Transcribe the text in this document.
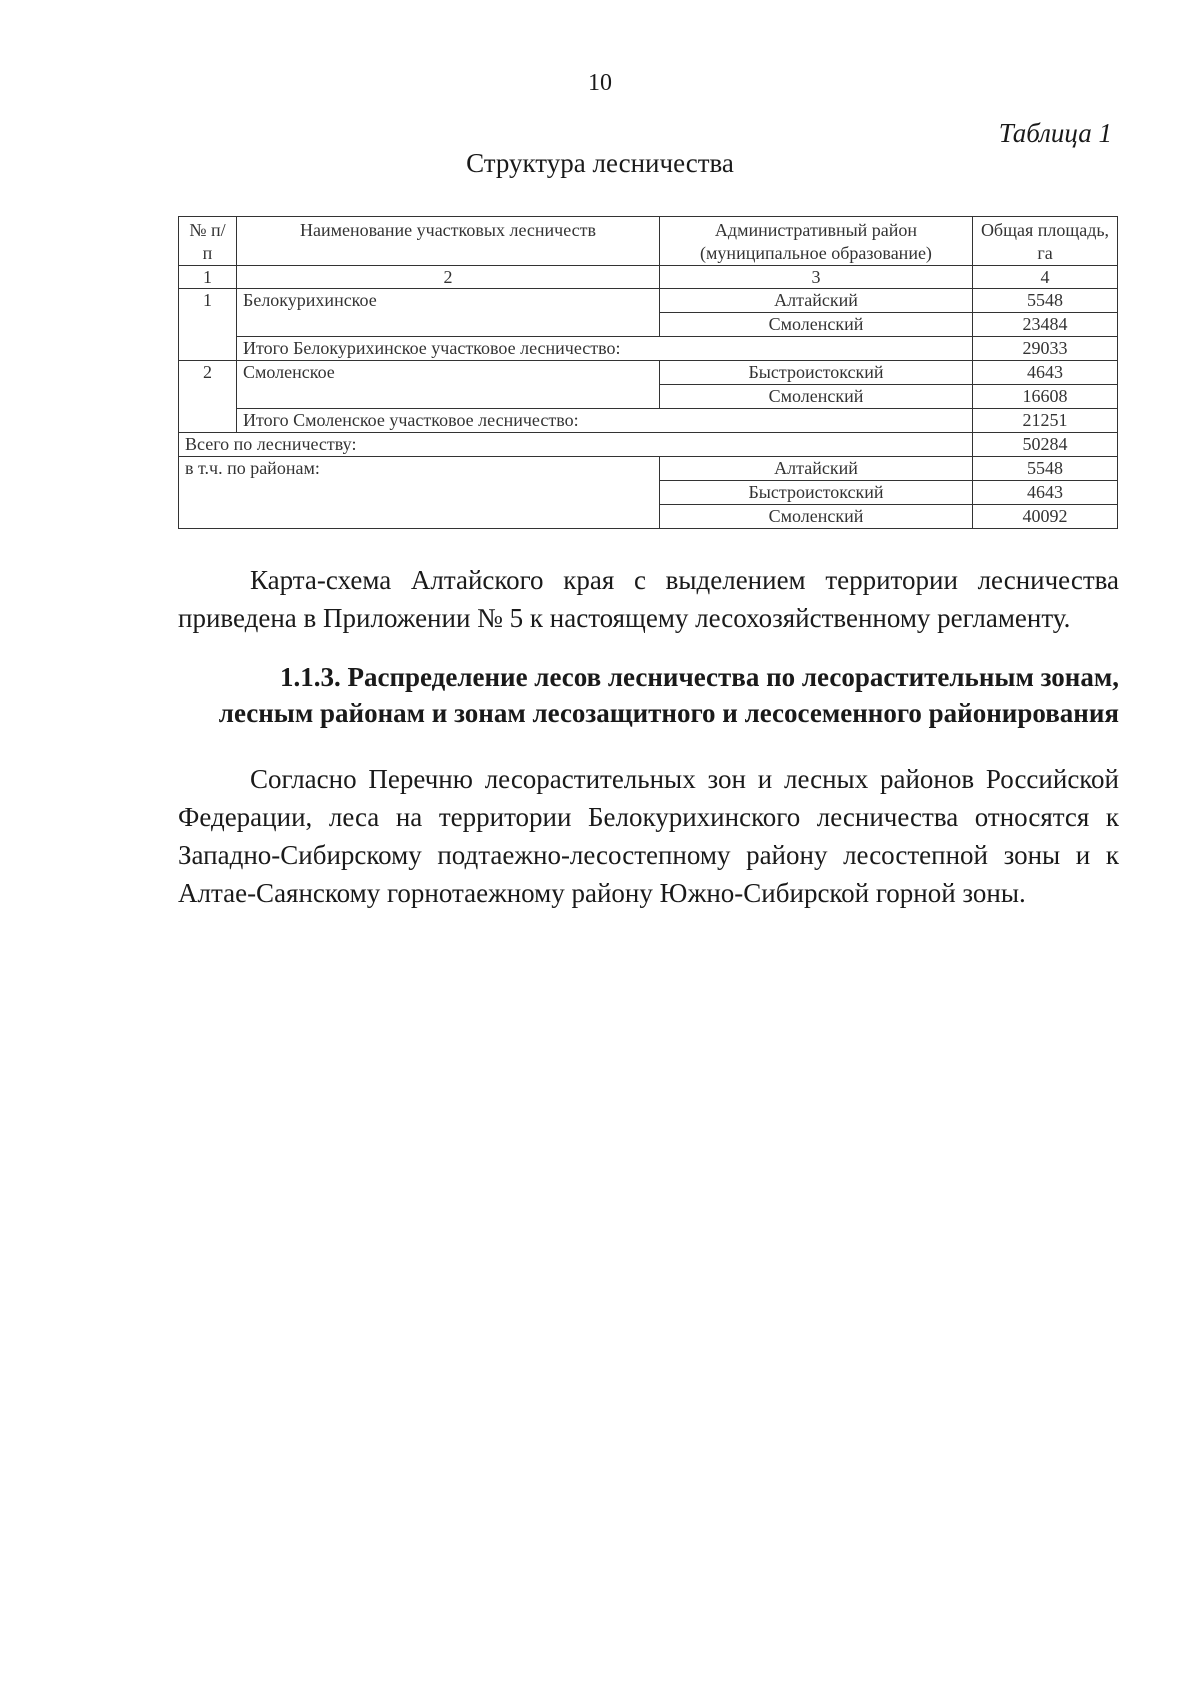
10
Таблица 1
Структура лесничества
№ п/п	Наименование участковых лесничеств	Административный район (муниципальное образование)	Общая площадь, га
1	2	3	4
1	Белокурихинское	Алтайский	5548
		Смоленский	23484
	Итого Белокурихинское участковое лесничество:		29033
2	Смоленское	Быстроистокский	4643
		Смоленский	16608
	Итого Смоленское участковое лесничество:		21251
Всего по лесничеству:			50284
в т.ч. по районам:		Алтайский	5548
		Быстроистокский	4643
		Смоленский	40092
Карта-схема Алтайского края с выделением территории лесничества приведена в Приложении № 5 к настоящему лесохозяйственному регламенту.
1.1.3. Распределение лесов лесничества по лесорастительным зонам,
лесным районам и зонам лесозащитного и лесосеменного районирования
Согласно Перечню лесорастительных зон и лесных районов Российской Федерации, леса на территории Белокурихинского лесничества относятся к Западно-Сибирскому подтаежно-лесостепному району лесостепной зоны и к Алтае-Саянскому горнотаежному району Южно-Сибирской горной зоны.
